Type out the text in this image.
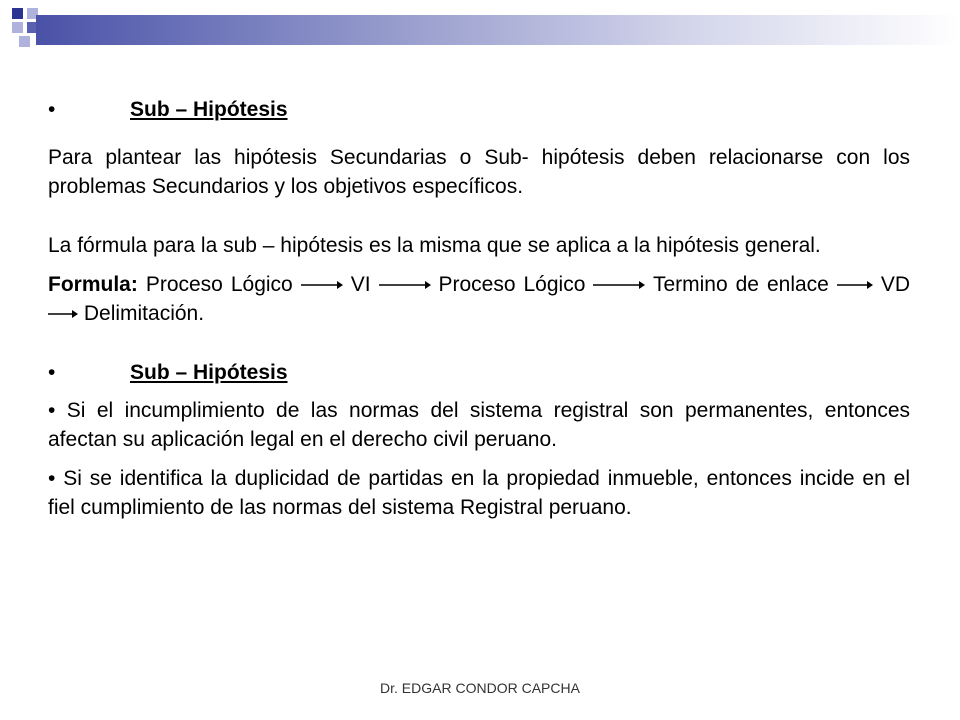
•	Sub – Hipótesis

Para plantear las hipótesis Secundarias o Sub- hipótesis deben relacionarse con los problemas Secundarios y los objetivos específicos.

La fórmula para la sub – hipótesis es la misma que se aplica a la hipótesis general.

Formula: Proceso Lógico	VI	Proceso Lógico	Termino de enlace VD  Delimitación.

•	Sub – Hipótesis

• Si el incumplimiento de las normas del sistema registral son permanentes, entonces afectan su aplicación legal en el derecho civil peruano.

• Si se identifica la duplicidad de partidas en la propiedad inmueble, entonces incide en el fiel cumplimiento de las normas del sistema Registral peruano.

Dr. EDGAR CONDOR CAPCHA
